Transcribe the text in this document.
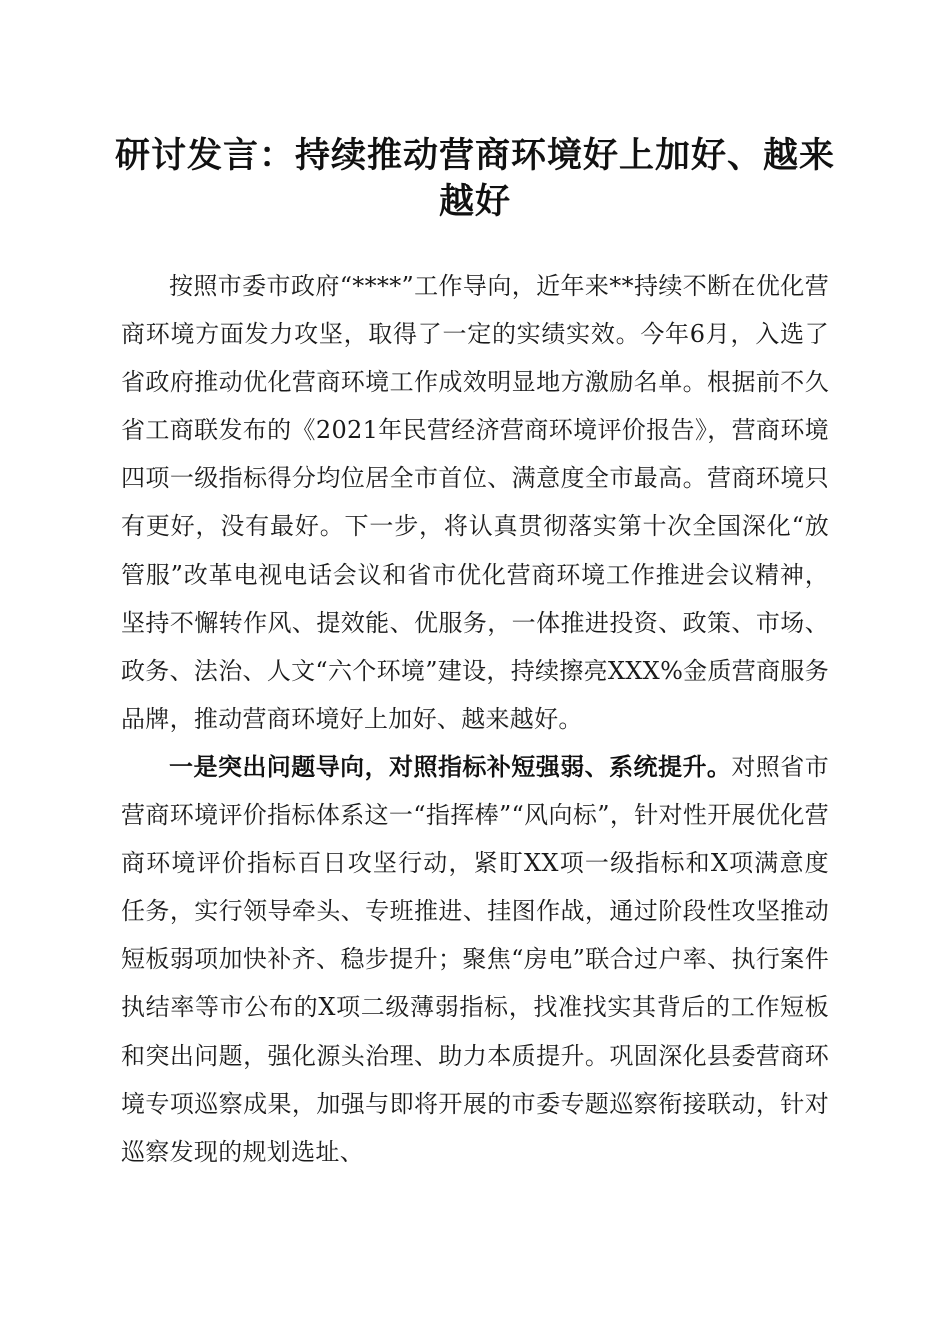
研讨发言：持续推动营商环境好上加好、越来越好

按照市委市政府“****”工作导向，近年来**持续不断在优化营商环境方面发力攻坚，取得了一定的实绩实效。今年6月，入选了省政府推动优化营商环境工作成效明显地方激励名单。根据前不久省工商联发布的《2021年民营经济营商环境评价报告》，营商环境四项一级指标得分均位居全市首位、满意度全市最高。营商环境只有更好，没有最好。下一步，将认真贯彻落实第十次全国深化“放管服”改革电视电话会议和省市优化营商环境工作推进会议精神，坚持不懈转作风、提效能、优服务，一体推进投资、政策、市场、政务、法治、人文“六个环境”建设，持续擦亮XXX%金质营商服务品牌，推动营商环境好上加好、越来越好。

一是突出问题导向，对照指标补短强弱、系统提升。对照省市营商环境评价指标体系这一“指挥棒”“风向标”，针对性开展优化营商环境评价指标百日攻坚行动，紧盯XX项一级指标和X项满意度任务，实行领导牵头、专班推进、挂图作战，通过阶段性攻坚推动短板弱项加快补齐、稳步提升；聚焦“房电”联合过户率、执行案件执结率等市公布的X项二级薄弱指标，找准找实其背后的工作短板和突出问题，强化源头治理、助力本质提升。巩固深化县委营商环境专项巡察成果，加强与即将开展的市委专题巡察衔接联动，针对巡察发现的规划选址、
